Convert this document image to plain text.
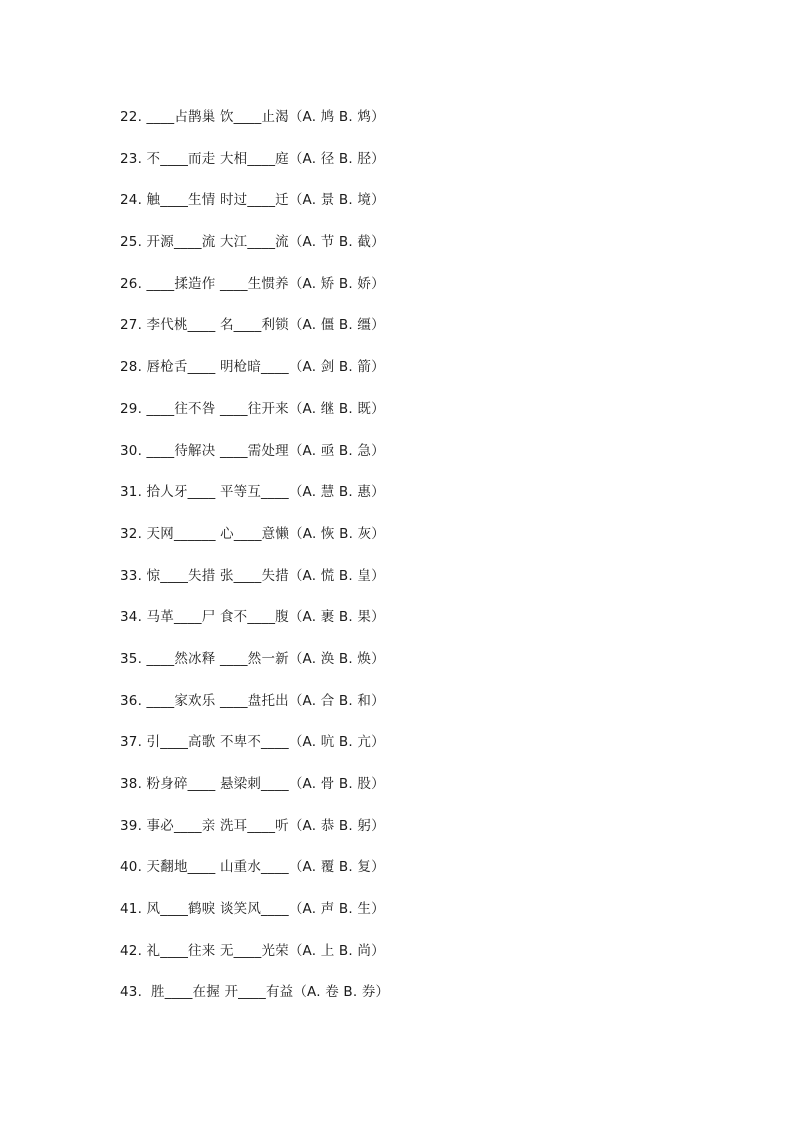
22. ____占鹊巢 饮____止渴（A. 鸠 B. 鸩）
23. 不____而走 大相____庭（A. 径 B. 胫）
24. 触____生情 时过____迁（A. 景 B. 境）
25. 开源____流 大江____流（A. 节 B. 截）
26. ____揉造作 ____生惯养（A. 矫 B. 娇）
27. 李代桃____ 名____利锁（A. 僵 B. 缰）
28. 唇枪舌____ 明枪暗____（A. 剑 B. 箭）
29. ____往不咎 ____往开来（A. 继 B. 既）
30. ____待解决 ____需处理（A. 亟 B. 急）
31. 拾人牙____ 平等互____（A. 慧 B. 惠）
32. 天网______ 心____意懒（A. 恢 B. 灰）
33. 惊____失措 张____失措（A. 慌 B. 皇）
34. 马革____尸 食不____腹（A. 裹 B. 果）
35. ____然冰释 ____然一新（A. 涣 B. 焕）
36. ____家欢乐 ____盘托出（A. 合 B. 和）
37. 引____高歌 不卑不____（A. 吭 B. 亢）
38. 粉身碎____ 悬梁刺____（A. 骨 B. 股）
39. 事必____亲 洗耳____听（A. 恭 B. 躬）
40. 天翻地____ 山重水____（A. 覆 B. 复）
41. 风____鹤唳 谈笑风____（A. 声 B. 生）
42. 礼____往来 无____光荣（A. 上 B. 尚）
43.  胜____在握 开____有益（A. 卷 B. 券）
